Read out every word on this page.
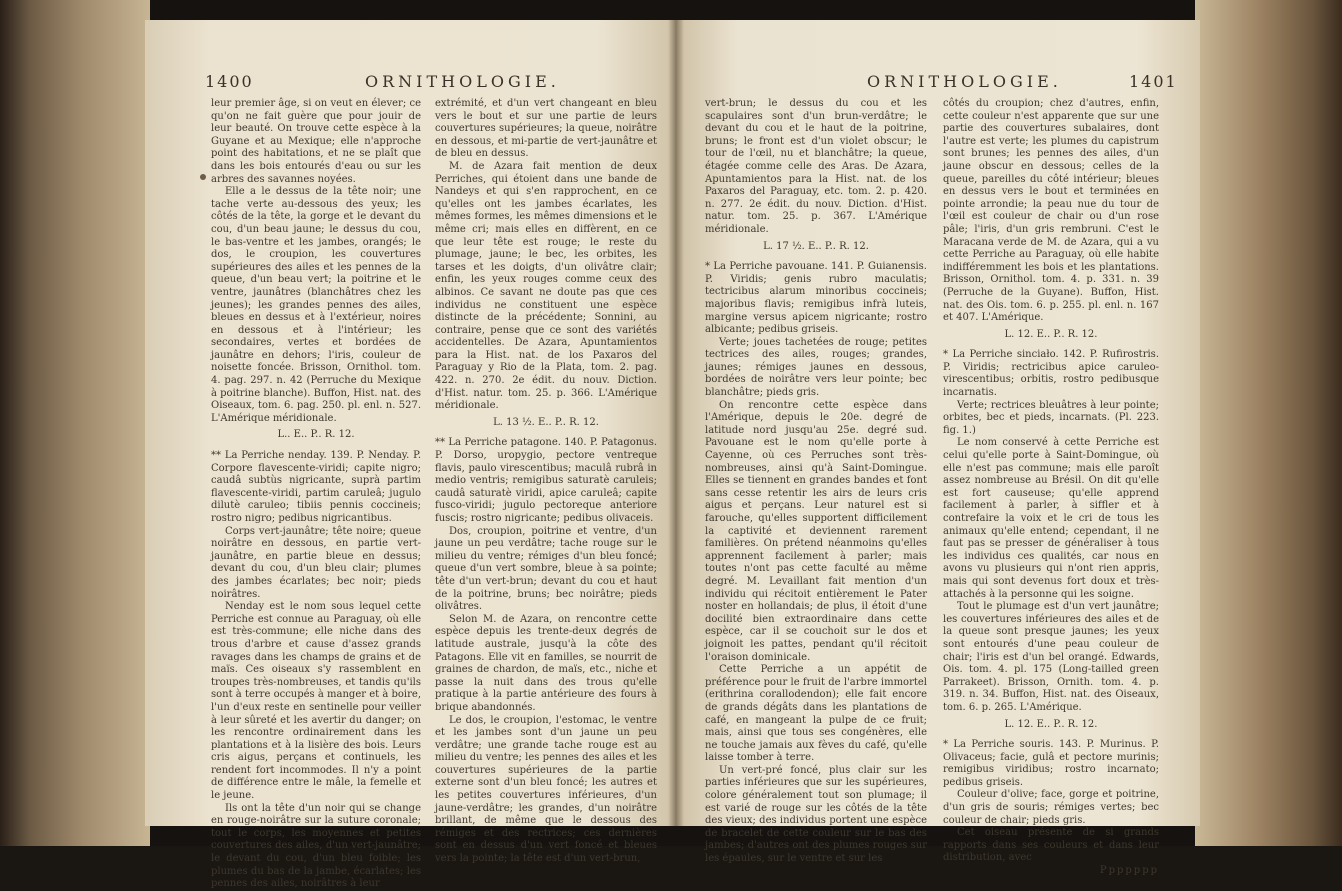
1400	ORNITHOLOGIE.

leur premier âge, si on veut en élever; ce qu'on ne fait guère que pour jouir de leur beauté. On trouve cette espèce à la Guyane et au Mexique; elle n'approche point des habitations, et ne se plaît que dans les bois entourés d'eau ou sur les arbres des savannes noyées.

Elle a le dessus de la tête noir; une tache verte au-dessous des yeux; les côtés de la tête, la gorge et le devant du cou, d'un beau jaune; le dessus du cou, le bas-ventre et les jambes, orangés; le dos, le croupion, les couvertures supérieures des ailes et les pennes de la queue, d'un beau vert; la poitrine et le ventre, jaunâtres (blanchâtres chez les jeunes); les grandes pennes des ailes, bleues en dessus et à l'extérieur, noires en dessous et à l'intérieur; les secondaires, vertes et bordées de jaunâtre en dehors; l'iris, couleur de noisette foncée. Brisson, Ornithol. tom. 4. pag. 297. n. 42 (Perruche du Mexique à poitrine blanche). Buffon, Hist. nat. des Oiseaux, tom. 6. pag. 250. pl. enl. n. 527. L'Amérique méridionale.

L.. E.. P.. R. 12.

** La Perriche nenday. 139. P. Nenday. P. Corpore flavescente-viridi; capite nigro; caudâ subtùs nigricante, suprà partim flavescente-viridi, partim caruleâ; jugulo dilutè caruleo; tibiis pennis coccineis; rostro nigro; pedibus nigricantibus.

Corps vert-jaunâtre; tête noire; queue noirâtre en dessous, en partie vert-jaunâtre, en partie bleue en dessus; devant du cou, d'un bleu clair; plumes des jambes écarlates; bec noir; pieds noirâtres.

Nenday est le nom sous lequel cette Perriche est connue au Paraguay, où elle est très-commune; elle niche dans des trous d'arbre et cause d'assez grands ravages dans les champs de grains et de maïs. Ces oiseaux s'y rassemblent en troupes très-nombreuses, et tandis qu'ils sont à terre occupés à manger et à boire, l'un d'eux reste en sentinelle pour veiller à leur sûreté et les avertir du danger; on les rencontre ordinairement dans les plantations et à la lisière des bois. Leurs cris aigus, perçans et continuels, les rendent fort incommodes. Il n'y a point de différence entre le mâle, la femelle et le jeune.

Ils ont la tête d'un noir qui se change en rouge-noirâtre sur la suture coronale; tout le corps, les moyennes et petites couvertures des ailes, d'un vert-jaunâtre; le devant du cou, d'un bleu foible; les plumes du bas de la jambe, écarlates; les pennes des ailes, noirâtres à leur

extrémité, et d'un vert changeant en bleu vers le bout et sur une partie de leurs couvertures supérieures; la queue, noirâtre en dessous, et mi-partie de vert-jaunâtre et de bleu en dessus.

M. de Azara fait mention de deux Perriches, qui étoient dans une bande de Nandeys et qui s'en rapprochent, en ce qu'elles ont les jambes écarlates, les mêmes formes, les mêmes dimensions et le même cri; mais elles en diffèrent, en ce que leur tête est rouge; le reste du plumage, jaune; le bec, les orbites, les tarses et les doigts, d'un olivâtre clair; enfin, les yeux rouges comme ceux des albinos. Ce savant ne doute pas que ces individus ne constituent une espèce distincte de la précédente; Sonnini, au contraire, pense que ce sont des variétés accidentelles. De Azara, Apuntamientos para la Hist. nat. de los Paxaros del Paraguay y Rio de la Plata, tom. 2. pag. 422. n. 270. 2e édit. du nouv. Diction. d'Hist. natur. tom. 25. p. 366. L'Amérique méridionale.

L. 13 ½. E.. P.. R. 12.

** La Perriche patagone. 140. P. Patagonus. P. Dorso, uropygio, pectore ventreque flavis, paulo virescentibus; maculâ rubrâ in medio ventris; remigibus saturatè caruleis; caudâ saturatè viridi, apice caruleâ; capite fusco-viridi; jugulo pectoreque anteriore fuscis; rostro nigricante; pedibus olivaceis.

Dos, croupion, poitrine et ventre, d'un jaune un peu verdâtre; tache rouge sur le milieu du ventre; rémiges d'un bleu foncé; queue d'un vert sombre, bleue à sa pointe; tête d'un vert-brun; devant du cou et haut de la poitrine, bruns; bec noirâtre; pieds olivâtres.

Selon M. de Azara, on rencontre cette espèce depuis les trente-deux degrés de latitude australe, jusqu'à la côte des Patagons. Elle vit en familles, se nourrit de graines de chardon, de maïs, etc., niche et passe la nuit dans des trous qu'elle pratique à la partie antérieure des fours à brique abandonnés.

Le dos, le croupion, l'estomac, le ventre et les jambes sont d'un jaune un peu verdâtre; une grande tache rouge est au milieu du ventre; les pennes des ailes et les couvertures supérieures de la partie externe sont d'un bleu foncé; les autres et les petites couvertures inférieures, d'un jaune-verdâtre; les grandes, d'un noirâtre brillant, de même que le dessous des rémiges et des rectrices; ces dernières sont en dessus d'un vert foncé et bleues vers la pointe; la tête est d'un vert-brun,

ORNITHOLOGIE.	1401

vert-brun; le dessus du cou et les scapulaires sont d'un brun-verdâtre; le devant du cou et le haut de la poitrine, bruns; le front est d'un violet obscur; le tour de l'œil, nu et blanchâtre; la queue, étagée comme celle des Aras. De Azara, Apuntamientos para la Hist. nat. de los Paxaros del Paraguay, etc. tom. 2. p. 420. n. 277. 2e édit. du nouv. Diction. d'Hist. natur. tom. 25. p. 367. L'Amérique méridionale.

L. 17 ½. E.. P.. R. 12.

* La Perriche pavouane. 141. P. Guianensis. P. Viridis; genis rubro maculatis; tectricibus alarum minoribus coccineis; majoribus flavis; remigibus infrà luteis, margine versus apicem nigricante; rostro albicante; pedibus griseis.

Verte; joues tachetées de rouge; petites tectrices des ailes, rouges; grandes, jaunes; rémiges jaunes en dessous, bordées de noirâtre vers leur pointe; bec blanchâtre; pieds gris.

On rencontre cette espèce dans l'Amérique, depuis le 20e. degré de latitude nord jusqu'au 25e. degré sud. Pavouane est le nom qu'elle porte à Cayenne, où ces Perruches sont très-nombreuses, ainsi qu'à Saint-Domingue. Elles se tiennent en grandes bandes et font sans cesse retentir les airs de leurs cris aigus et perçans. Leur naturel est si farouche, qu'elles supportent difficilement la captivité et deviennent rarement familières. On prétend néanmoins qu'elles apprennent facilement à parler; mais toutes n'ont pas cette faculté au même degré. M. Levaillant fait mention d'un individu qui récitoit entièrement le Pater noster en hollandais; de plus, il étoit d'une docilité bien extraordinaire dans cette espèce, car il se couchoit sur le dos et joignoit les pattes, pendant qu'il récitoit l'oraison dominicale.

Cette Perriche a un appétit de préférence pour le fruit de l'arbre immortel (erithrina corallodendon); elle fait encore de grands dégâts dans les plantations de café, en mangeant la pulpe de ce fruit; mais, ainsi que tous ses congénères, elle ne touche jamais aux fèves du café, qu'elle laisse tomber à terre.

Un vert-pré foncé, plus clair sur les parties inférieures que sur les supérieures, colore généralement tout son plumage; il est varié de rouge sur les côtés de la tête des vieux; des individus portent une espèce de bracelet de cette couleur sur le bas des jambes; d'autres ont des plumes rouges sur les épaules, sur le ventre et sur les

côtés du croupion; chez d'autres, enfin, cette couleur n'est apparente que sur une partie des couvertures subalaires, dont l'autre est verte; les plumes du capistrum sont brunes; les pennes des ailes, d'un jaune obscur en dessous; celles de la queue, pareilles du côté intérieur; bleues en dessus vers le bout et terminées en pointe arrondie; la peau nue du tour de l'œil est couleur de chair ou d'un rose pâle; l'iris, d'un gris rembruni. C'est le Maracana verde de M. de Azara, qui a vu cette Perriche au Paraguay, où elle habite indifféremment les bois et les plantations. Brisson, Ornithol. tom. 4. p. 331. n. 39 (Perruche de la Guyane). Buffon, Hist. nat. des Ois. tom. 6. p. 255. pl. enl. n. 167 et 407. L'Amérique.

L. 12. E.. P.. R. 12.

* La Perriche sinciało. 142. P. Rufirostris. P. Viridis; rectricibus apice caruleo-virescentibus; orbitis, rostro pedibusque incarnatis.

Verte; rectrices bleuâtres à leur pointe; orbites, bec et pieds, incarnats. (Pl. 223. fig. 1.)

Le nom conservé à cette Perriche est celui qu'elle porte à Saint-Domingue, où elle n'est pas commune; mais elle paroît assez nombreuse au Brésil. On dit qu'elle est fort causeuse; qu'elle apprend facilement à parler, à siffler et à contrefaire la voix et le cri de tous les animaux qu'elle entend; cependant, il ne faut pas se presser de généraliser à tous les individus ces qualités, car nous en avons vu plusieurs qui n'ont rien appris, mais qui sont devenus fort doux et très-attachés à la personne qui les soigne.

Tout le plumage est d'un vert jaunâtre; les couvertures inférieures des ailes et de la queue sont presque jaunes; les yeux sont entourés d'une peau couleur de chair; l'iris est d'un bel orangé. Edwards, Ois. tom. 4. pl. 175 (Long-tailled green Parrakeet). Brisson, Ornith. tom. 4. p. 319. n. 34. Buffon, Hist. nat. des Oiseaux, tom. 6. p. 265. L'Amérique.

L. 12. E.. P.. R. 12.

* La Perriche souris. 143. P. Murinus. P. Olivaceus; facie, gulâ et pectore murinis; remigibus viridibus; rostro incarnato; pedibus griseis.

Couleur d'olive; face, gorge et poitrine, d'un gris de souris; rémiges vertes; bec couleur de chair; pieds gris.

Cet oiseau présente de si grands rapports dans ses couleurs et dans leur distribution, avec

Ppppppp
